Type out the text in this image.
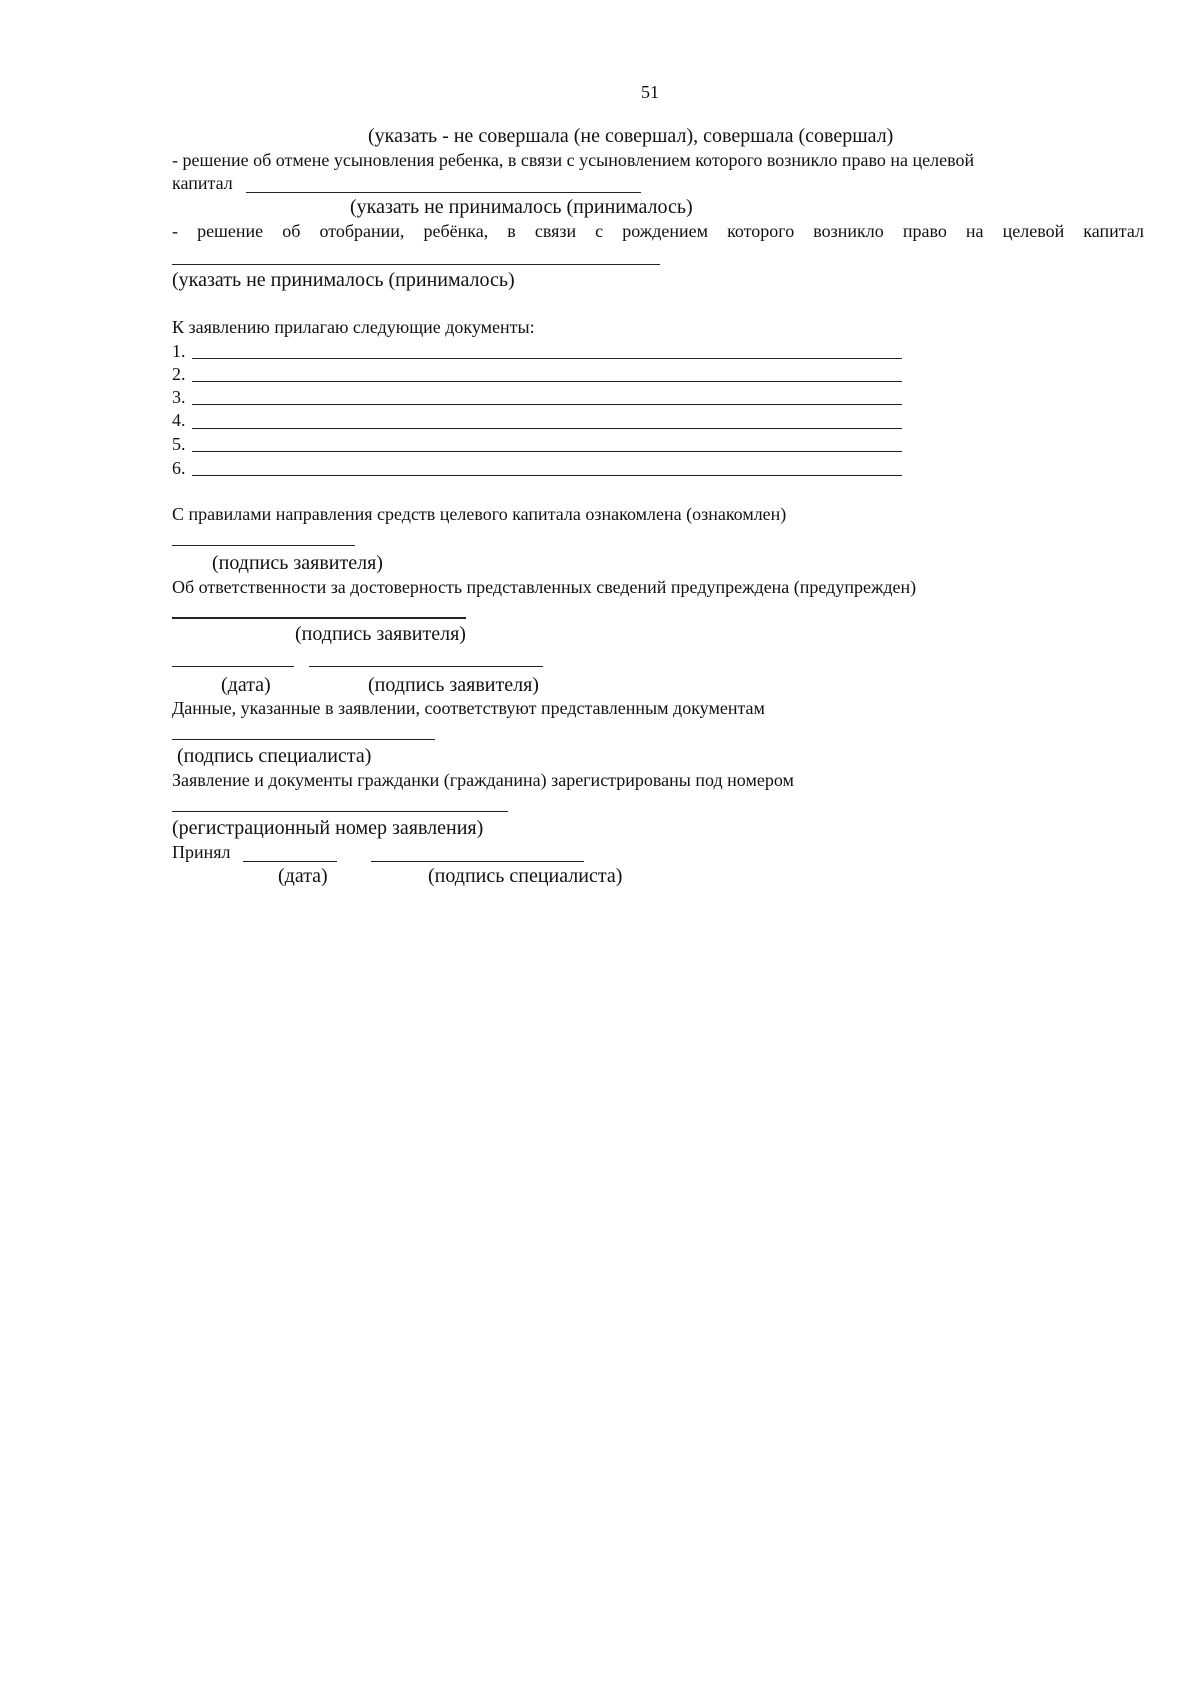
51
(указать - не совершала (не совершал), совершала (совершал)
- решение об отмене усыновления ребенка, в связи с усыновлением которого возникло право на целевой
капитал
(указать не принималось (принималось)
- решение об отобрании, ребёнка, в связи с рождением которого возникло право на целевой капитал
(указать не принималось (принималось)
К заявлению прилагаю следующие документы:
1.
2.
3.
4.
5.
6.
С правилами направления средств целевого капитала ознакомлена (ознакомлен)
(подпись заявителя)
Об ответственности за достоверность представленных сведений предупреждена (предупрежден)
(подпись заявителя)
(дата)	(подпись заявителя)
Данные, указанные в заявлении, соответствуют представленным документам
(подпись специалиста)
Заявление и документы гражданки (гражданина) зарегистрированы под номером
(регистрационный номер заявления)
Принял
(дата)	(подпись специалиста)
